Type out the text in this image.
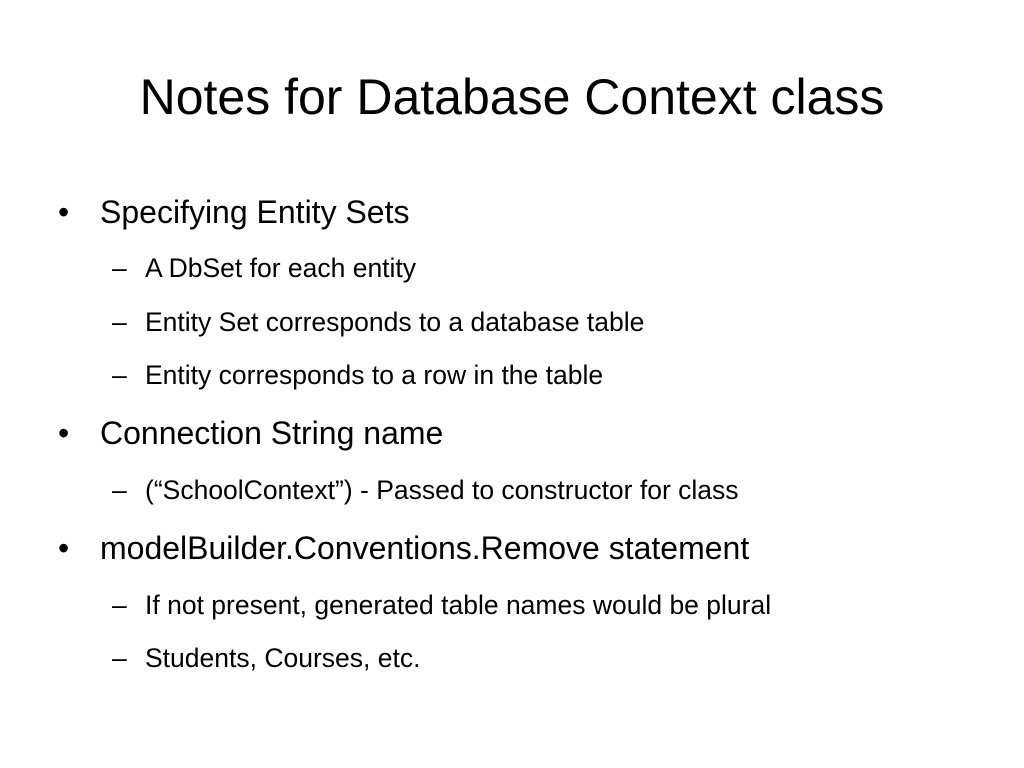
Notes for Database Context class
• Specifying Entity Sets
– A DbSet for each entity
– Entity Set corresponds to a database table
– Entity corresponds to a row in the table
• Connection String name
– (“SchoolContext”) - Passed to constructor for class
• modelBuilder.Conventions.Remove statement
– If not present, generated table names would be plural
– Students, Courses, etc.
